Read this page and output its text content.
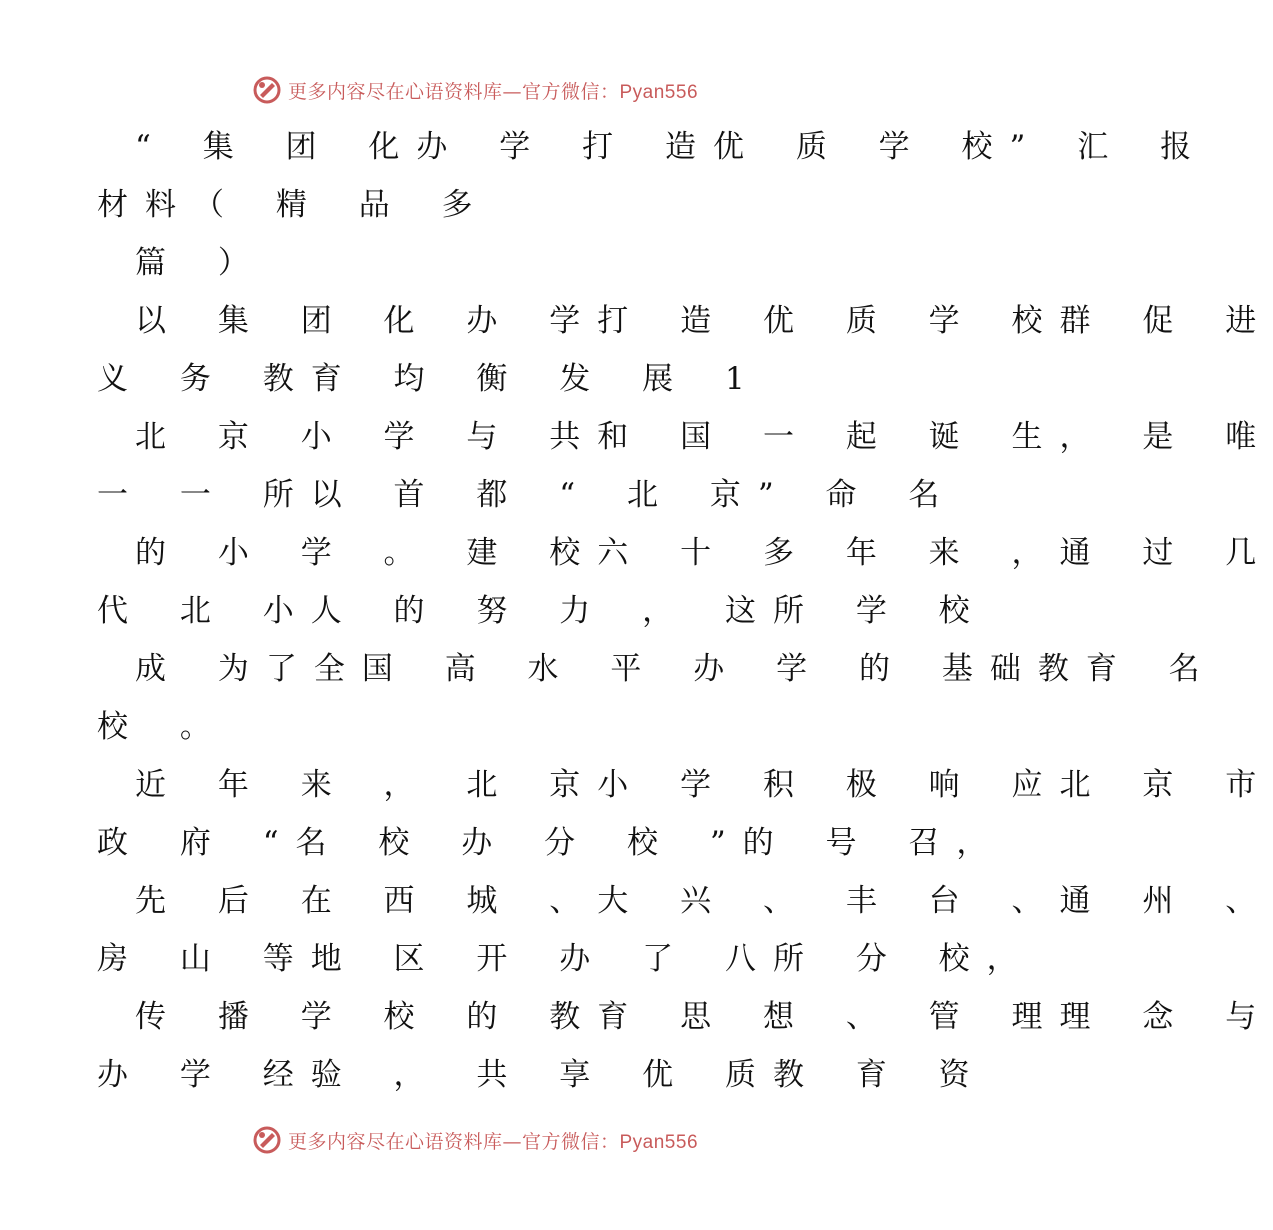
更多内容尽在心语资料库—官方微信：Pyan556
“ 集 团 化办 学 打 造优 质 学 校” 汇 报
材料（ 精 品 多
篇 ）
以 集 团 化 办 学打 造 优 质 学 校群 促 进
义 务 教育 均 衡 发 展 1
北 京 小 学 与 共和 国 一 起 诞 生， 是 唯
一 一 所以 首 都 “ 北 京” 命 名
的 小 学 。 建 校六 十 多 年 来 ，通 过 几
代 北 小人 的 努 力 ， 这所 学 校
成 为了全国 高 水 平 办 学 的 基础教育 名
校 。
近 年 来 ， 北 京小 学 积 极 响 应北 京 市
政 府 “名 校 办 分 校 ”的 号 召，
先 后 在 西 城 、大 兴 、 丰 台 、通 州 、
房 山 等地 区 开 办 了 八所 分 校，
传 播 学 校 的 教育 思 想 、 管 理理 念 与
办 学 经验 ， 共 享 优 质教 育 资
更多内容尽在心语资料库—官方微信：Pyan556
